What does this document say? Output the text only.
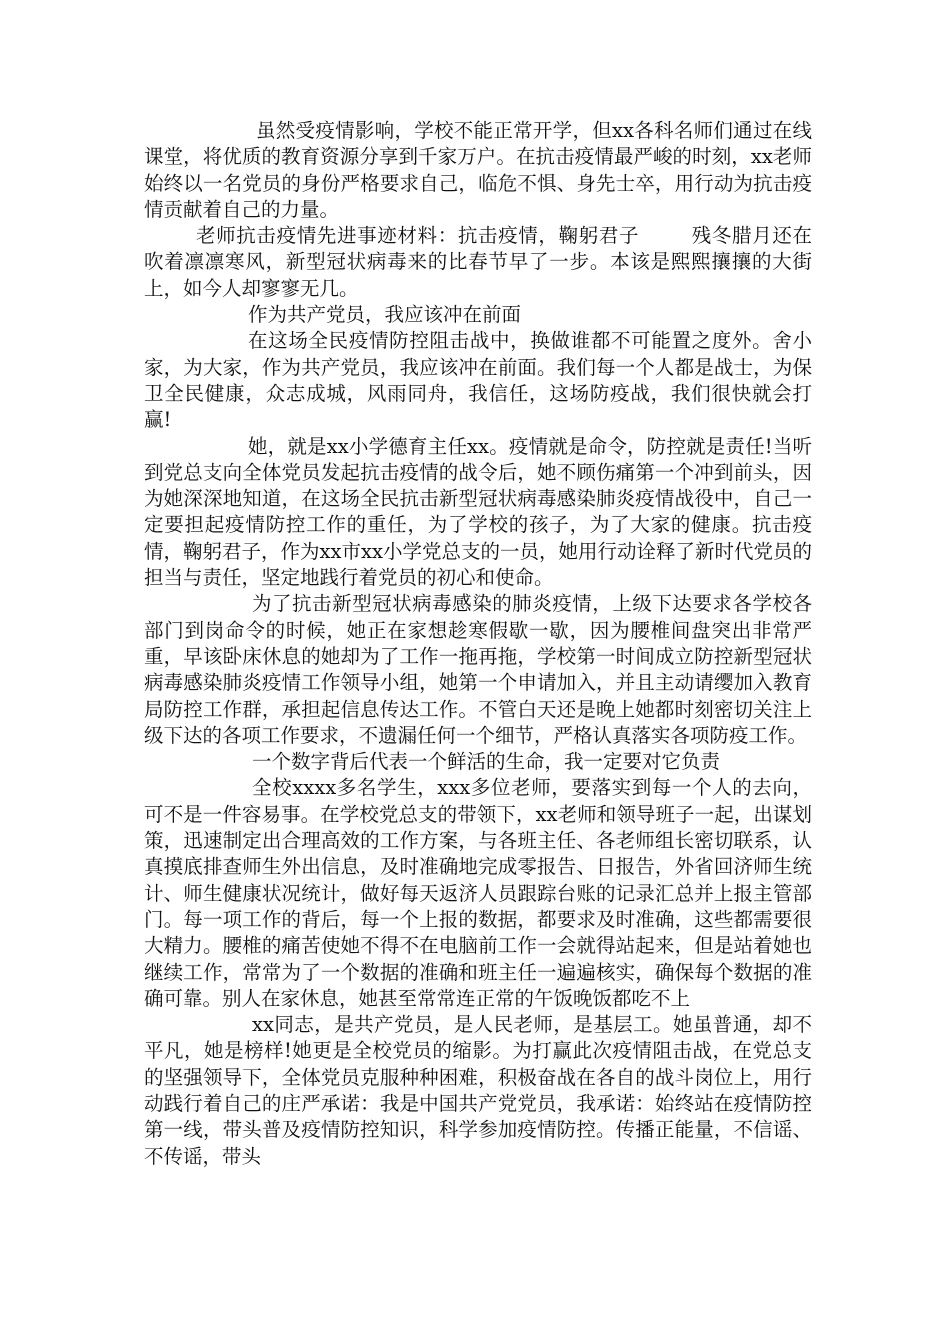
虽然受疫情影响，学校不能正常开学，但xx各科名师们通过在线课堂，将优质的教育资源分享到千家万户。在抗击疫情最严峻的时刻，xx老师始终以一名党员的身份严格要求自己，临危不惧、身先士卒，用行动为抗击疫情贡献着自己的力量。

老师抗击疫情先进事迹材料：抗击疫情，鞠躬君子	残冬腊月还在吹着凛凛寒风，新型冠状病毒来的比春节早了一步。本该是熙熙攘攘的大街上，如今人却寥寥无几。

作为共产党员，我应该冲在前面

在这场全民疫情防控阻击战中，换做谁都不可能置之度外。舍小家，为大家，作为共产党员，我应该冲在前面。我们每一个人都是战士，为保卫全民健康，众志成城，风雨同舟，我信任，这场防疫战，我们很快就会打赢!

她，就是xx小学德育主任xx。疫情就是命令，防控就是责任!当听到党总支向全体党员发起抗击疫情的战令后，她不顾伤痛第一个冲到前头，因为她深深地知道，在这场全民抗击新型冠状病毒感染肺炎疫情战役中，自己一定要担起疫情防控工作的重任，为了学校的孩子，为了大家的健康。抗击疫情，鞠躬君子，作为xx市xx小学党总支的一员，她用行动诠释了新时代党员的担当与责任，坚定地践行着党员的初心和使命。

为了抗击新型冠状病毒感染的肺炎疫情，上级下达要求各学校各部门到岗命令的时候，她正在家想趁寒假歇一歇，因为腰椎间盘突出非常严重，早该卧床休息的她却为了工作一拖再拖，学校第一时间成立防控新型冠状病毒感染肺炎疫情工作领导小组，她第一个申请加入，并且主动请缨加入教育局防控工作群，承担起信息传达工作。不管白天还是晚上她都时刻密切关注上级下达的各项工作要求，不遗漏任何一个细节，严格认真落实各项防疫工作。

一个数字背后代表一个鲜活的生命，我一定要对它负责

全校xxxx多名学生，xxx多位老师，要落实到每一个人的去向，可不是一件容易事。在学校党总支的带领下，xx老师和领导班子一起，出谋划策，迅速制定出合理高效的工作方案，与各班主任、各老师组长密切联系，认真摸底排查师生外出信息，及时准确地完成零报告、日报告，外省回济师生统计、师生健康状况统计，做好每天返济人员跟踪台账的记录汇总并上报主管部门。每一项工作的背后，每一个上报的数据，都要求及时准确，这些都需要很大精力。腰椎的痛苦使她不得不在电脑前工作一会就得站起来，但是站着她也继续工作，常常为了一个数据的准确和班主任一遍遍核实，确保每个数据的准确可靠。别人在家休息，她甚至常常连正常的午饭晚饭都吃不上

xx同志，是共产党员，是人民老师，是基层工。她虽普通，却不平凡，她是榜样!她更是全校党员的缩影。为打赢此次疫情阻击战，在党总支的坚强领导下，全体党员克服种种困难，积极奋战在各自的战斗岗位上，用行动践行着自己的庄严承诺：我是中国共产党党员，我承诺：始终站在疫情防控第一线，带头普及疫情防控知识，科学参加疫情防控。传播正能量，不信谣、不传谣，带头
